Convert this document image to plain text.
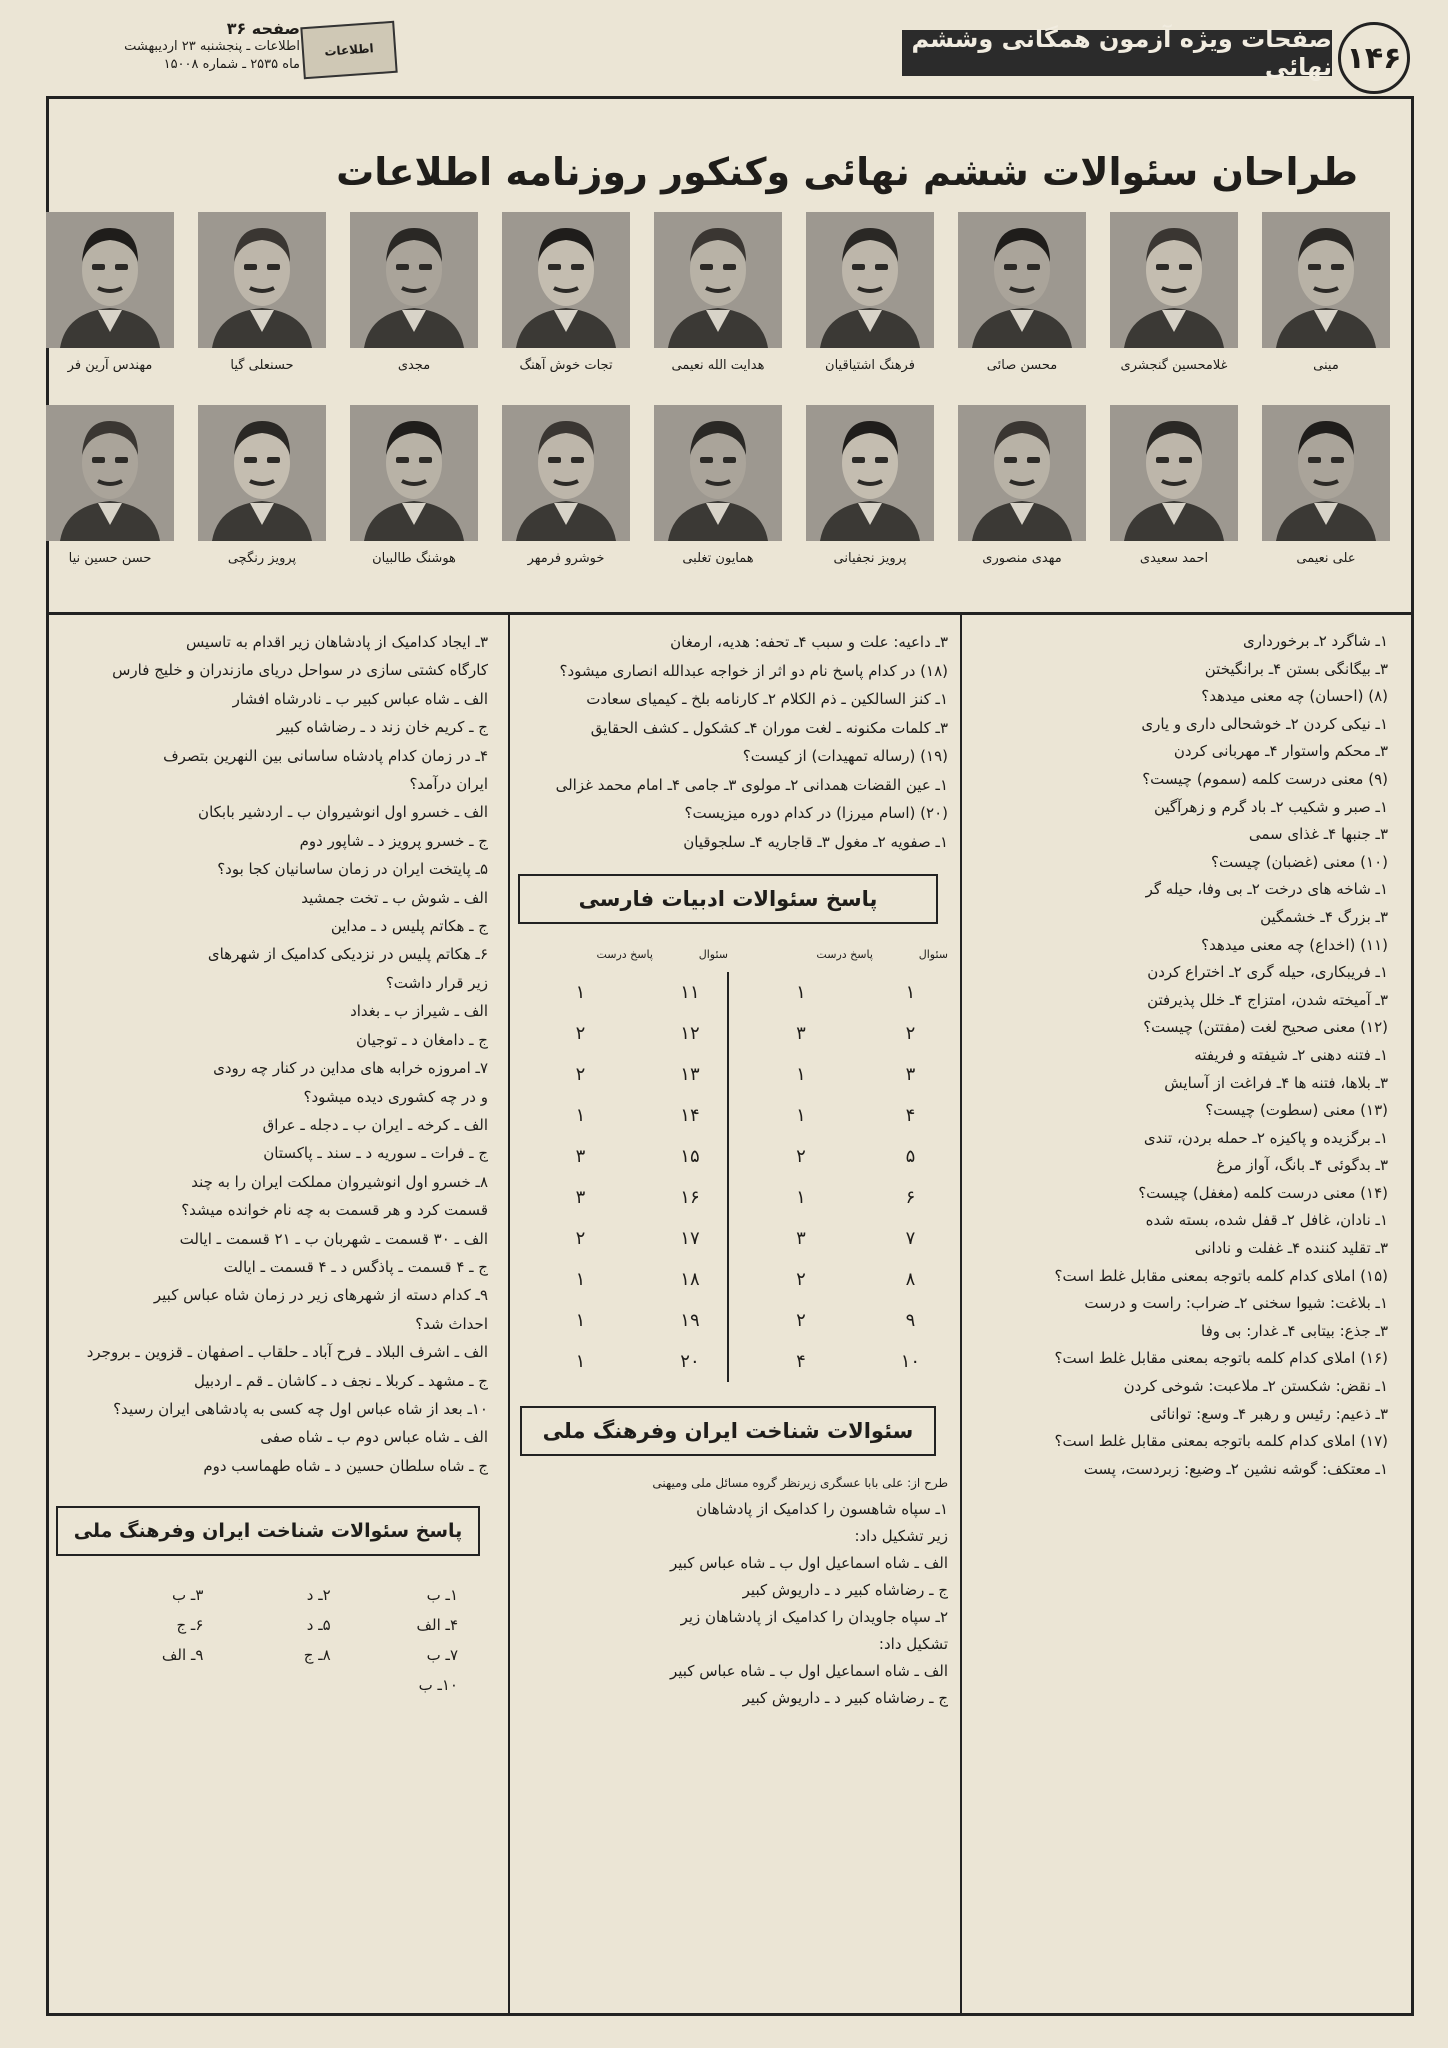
۱۴۶
صفحات ویژه آزمون همگانی وششم نهائی
اطلاعات
صفحه ۳۶
اطلاعات ـ پنجشنبه ۲۳ اردیبهشت
ماه ۲۵۳۵ ـ شماره ۱۵۰۰۸
طراحان سئوالات ششم نهائی وکنکور روزنامه اطلاعات
مینی
غلامحسین گنجشری
محسن صائی
فرهنگ اشتیاقیان
هدایت الله نعیمی
تجات خوش آهنگ
مجدی
حسنعلی گیا
مهندس آرین فر
علی نعیمی
احمد سعیدی
مهدی منصوری
پرویز نجفیانی
همایون تغلبی
خوشرو فرمهر
هوشنگ طالبیان
پرویز رنگچی
حسن حسین نیا
۱ـ شاگرد ۲ـ برخورداری
۳ـ بیگانگی بستن ۴ـ برانگیختن
(۸) (احسان) چه معنی میدهد؟
۱ـ نیکی کردن ۲ـ خوشحالی داری و یاری
۳ـ محکم واستوار ۴ـ مهربانی کردن
(۹) معنی درست کلمه (سموم) چیست؟
۱ـ صبر و شکیب ۲ـ باد گرم و زهرآگین
۳ـ جنبها ۴ـ غذای سمی
(۱۰) معنی (غضبان) چیست؟
۱ـ شاخه های درخت ۲ـ بی وفا، حیله گر
۳ـ بزرگ ۴ـ خشمگین
(۱۱) (اخداع) چه معنی میدهد؟
۱ـ فریبکاری، حیله گری ۲ـ اختراع کردن
۳ـ آمیخته شدن، امتزاج ۴ـ خلل پذیرفتن
(۱۲) معنی صحیح لغت (مفتتن) چیست؟
۱ـ فتنه دهنی ۲ـ شیفته و فریفته
۳ـ بلاها، فتنه ها ۴ـ فراغت از آسایش
(۱۳) معنی (سطوت) چیست؟
۱ـ برگزیده و پاکیزه ۲ـ حمله بردن، تندی
۳ـ بدگوئی ۴ـ بانگ، آواز مرغ
(۱۴) معنی درست کلمه (مغفل) چیست؟
۱ـ نادان، غافل ۲ـ قفل شده، بسته شده
۳ـ تقلید کننده ۴ـ غفلت و نادانی
(۱۵) املای کدام کلمه باتوجه بمعنی مقابل غلط است؟
۱ـ بلاغت: شیوا سخنی ۲ـ ضراب: راست و درست
۳ـ جذع: بیتابی ۴ـ غدار: بی وفا
(۱۶) املای کدام کلمه باتوجه بمعنی مقابل غلط است؟
۱ـ نقض: شکستن ۲ـ ملاعبت: شوخی کردن
۳ـ ذعیم: رئیس و رهبر ۴ـ وسع: توانائی
(۱۷) املای کدام کلمه باتوجه بمعنی مقابل غلط است؟
۱ـ معتکف: گوشه نشین ۲ـ وضیع: زبردست، پست
۳ـ داعیه: علت و سبب ۴ـ تحفه: هدیه، ارمغان
(۱۸) در کدام پاسخ نام دو اثر از خواجه عبدالله انصاری میشود؟
۱ـ کنز السالکین ـ ذم الکلام ۲ـ کارنامه بلخ ـ کیمیای سعادت
۳ـ کلمات مکنونه ـ لغت موران ۴ـ کشکول ـ کشف الحقایق
(۱۹) (رساله تمهیدات) از کیست؟
۱ـ عین القضات همدانی ۲ـ مولوی ۳ـ جامی ۴ـ امام محمد غزالی
(۲۰) (اسام میرزا) در کدام دوره میزیست؟
۱ـ صفویه ۲ـ مغول ۳ـ قاجاریه ۴ـ سلجوقیان
پاسخ سئوالات ادبیات فارسی
سئوال	پاسخ درست	سئوال	پاسخ درست
۱	۱	۱۱	۱
۲	۳	۱۲	۲
۳	۱	۱۳	۲
۴	۱	۱۴	۱
۵	۲	۱۵	۳
۶	۱	۱۶	۳
۷	۳	۱۷	۲
۸	۲	۱۸	۱
۹	۲	۱۹	۱
۱۰	۴	۲۰	۱
سئوالات شناخت ایران وفرهنگ ملی
طرح از: علی بابا عسگری زیرنظر گروه مسائل ملی ومیهنی
۱ـ سپاه شاهسون را کدامیک از پادشاهان
زیر تشکیل داد:
الف ـ شاه اسماعیل اول ب ـ شاه عباس کبیر
ج ـ رضاشاه کبیر د ـ داریوش کبیر
۲ـ سپاه جاویدان را کدامیک از پادشاهان زیر
تشکیل داد:
الف ـ شاه اسماعیل اول ب ـ شاه عباس کبیر
ج ـ رضاشاه کبیر د ـ داریوش کبیر
۳ـ ایجاد کدامیک از پادشاهان زیر اقدام به تاسیس
کارگاه کشتی سازی در سواحل دریای مازندران و خلیج فارس
الف ـ شاه عباس کبیر ب ـ نادرشاه افشار
ج ـ کریم خان زند د ـ رضاشاه کبیر
۴ـ در زمان کدام پادشاه ساسانی بین النهرین بتصرف
ایران درآمد؟
الف ـ خسرو اول انوشیروان ب ـ اردشیر بابکان
ج ـ خسرو پرویز د ـ شاپور دوم
۵ـ پایتخت ایران در زمان ساسانیان کجا بود؟
الف ـ شوش ب ـ تخت جمشید
ج ـ هکاتم پلیس د ـ مداین
۶ـ هکاتم پلیس در نزدیکی کدامیک از شهرهای
زیر قرار داشت؟
الف ـ شیراز ب ـ بغداد
ج ـ دامغان د ـ توجیان
۷ـ امروزه خرابه های مداین در کنار چه رودی
و در چه کشوری دیده میشود؟
الف ـ کرخه ـ ایران ب ـ دجله ـ عراق
ج ـ فرات ـ سوریه د ـ سند ـ پاکستان
۸ـ خسرو اول انوشیروان مملکت ایران را به چند
قسمت کرد و هر قسمت به چه نام خوانده میشد؟
الف ـ ۳۰ قسمت ـ شهربان ب ـ ۲۱ قسمت ـ ایالت
ج ـ ۴ قسمت ـ پاذگس د ـ ۴ قسمت ـ ایالت
۹ـ کدام دسته از شهرهای زیر در زمان شاه عباس کبیر
احداث شد؟
الف ـ اشرف البلاد ـ فرح آباد ـ حلقاب ـ اصفهان ـ قزوین ـ بروجرد
ج ـ مشهد ـ کربلا ـ نجف د ـ کاشان ـ قم ـ اردبیل
۱۰ـ بعد از شاه عباس اول چه کسی به پادشاهی ایران رسید؟
الف ـ شاه عباس دوم ب ـ شاه صفی
ج ـ شاه سلطان حسین د ـ شاه طهماسب دوم
پاسخ سئوالات شناخت ایران وفرهنگ ملی
۱ـ ب
۲ـ د
۳ـ ب
۴ـ الف
۵ـ د
۶ـ ج
۷ـ ب
۸ـ ج
۹ـ الف
۱۰ـ ب
